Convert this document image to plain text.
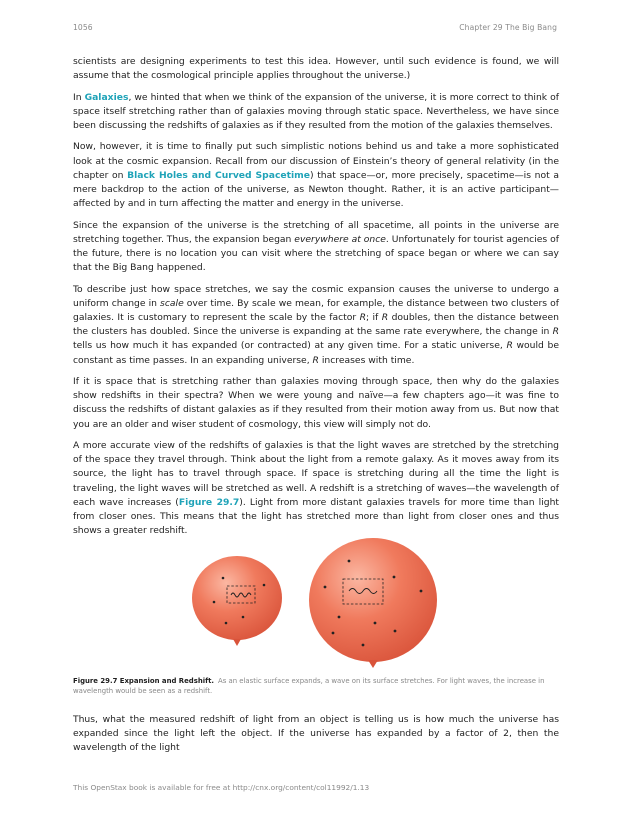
1056	Chapter 29 The Big Bang

scientists are designing experiments to test this idea. However, until such evidence is found, we will assume that the cosmological principle applies throughout the universe.)

In Galaxies, we hinted that when we think of the expansion of the universe, it is more correct to think of space itself stretching rather than of galaxies moving through static space. Nevertheless, we have since been discussing the redshifts of galaxies as if they resulted from the motion of the galaxies themselves.

Now, however, it is time to finally put such simplistic notions behind us and take a more sophisticated look at the cosmic expansion. Recall from our discussion of Einstein’s theory of general relativity (in the chapter on Black Holes and Curved Spacetime) that space—or, more precisely, spacetime—is not a mere backdrop to the action of the universe, as Newton thought. Rather, it is an active participant—affected by and in turn affecting the matter and energy in the universe.

Since the expansion of the universe is the stretching of all spacetime, all points in the universe are stretching together. Thus, the expansion began everywhere at once. Unfortunately for tourist agencies of the future, there is no location you can visit where the stretching of space began or where we can say that the Big Bang happened.

To describe just how space stretches, we say the cosmic expansion causes the universe to undergo a uniform change in scale over time. By scale we mean, for example, the distance between two clusters of galaxies. It is customary to represent the scale by the factor R; if R doubles, then the distance between the clusters has doubled. Since the universe is expanding at the same rate everywhere, the change in R tells us how much it has expanded (or contracted) at any given time. For a static universe, R would be constant as time passes. In an expanding universe, R increases with time.

If it is space that is stretching rather than galaxies moving through space, then why do the galaxies show redshifts in their spectra? When we were young and naïve—a few chapters ago—it was fine to discuss the redshifts of distant galaxies as if they resulted from their motion away from us. But now that you are an older and wiser student of cosmology, this view will simply not do.

A more accurate view of the redshifts of galaxies is that the light waves are stretched by the stretching of the space they travel through. Think about the light from a remote galaxy. As it moves away from its source, the light has to travel through space. If space is stretching during all the time the light is traveling, the light waves will be stretched as well. A redshift is a stretching of waves—the wavelength of each wave increases (Figure 29.7). Light from more distant galaxies travels for more time than light from closer ones. This means that the light has stretched more than light from closer ones and thus shows a greater redshift.

Figure 29.7 Expansion and Redshift. As an elastic surface expands, a wave on its surface stretches. For light waves, the increase in wavelength would be seen as a redshift.

Thus, what the measured redshift of light from an object is telling us is how much the universe has expanded since the light left the object. If the universe has expanded by a factor of 2, then the wavelength of the light

This OpenStax book is available for free at http://cnx.org/content/col11992/1.13
